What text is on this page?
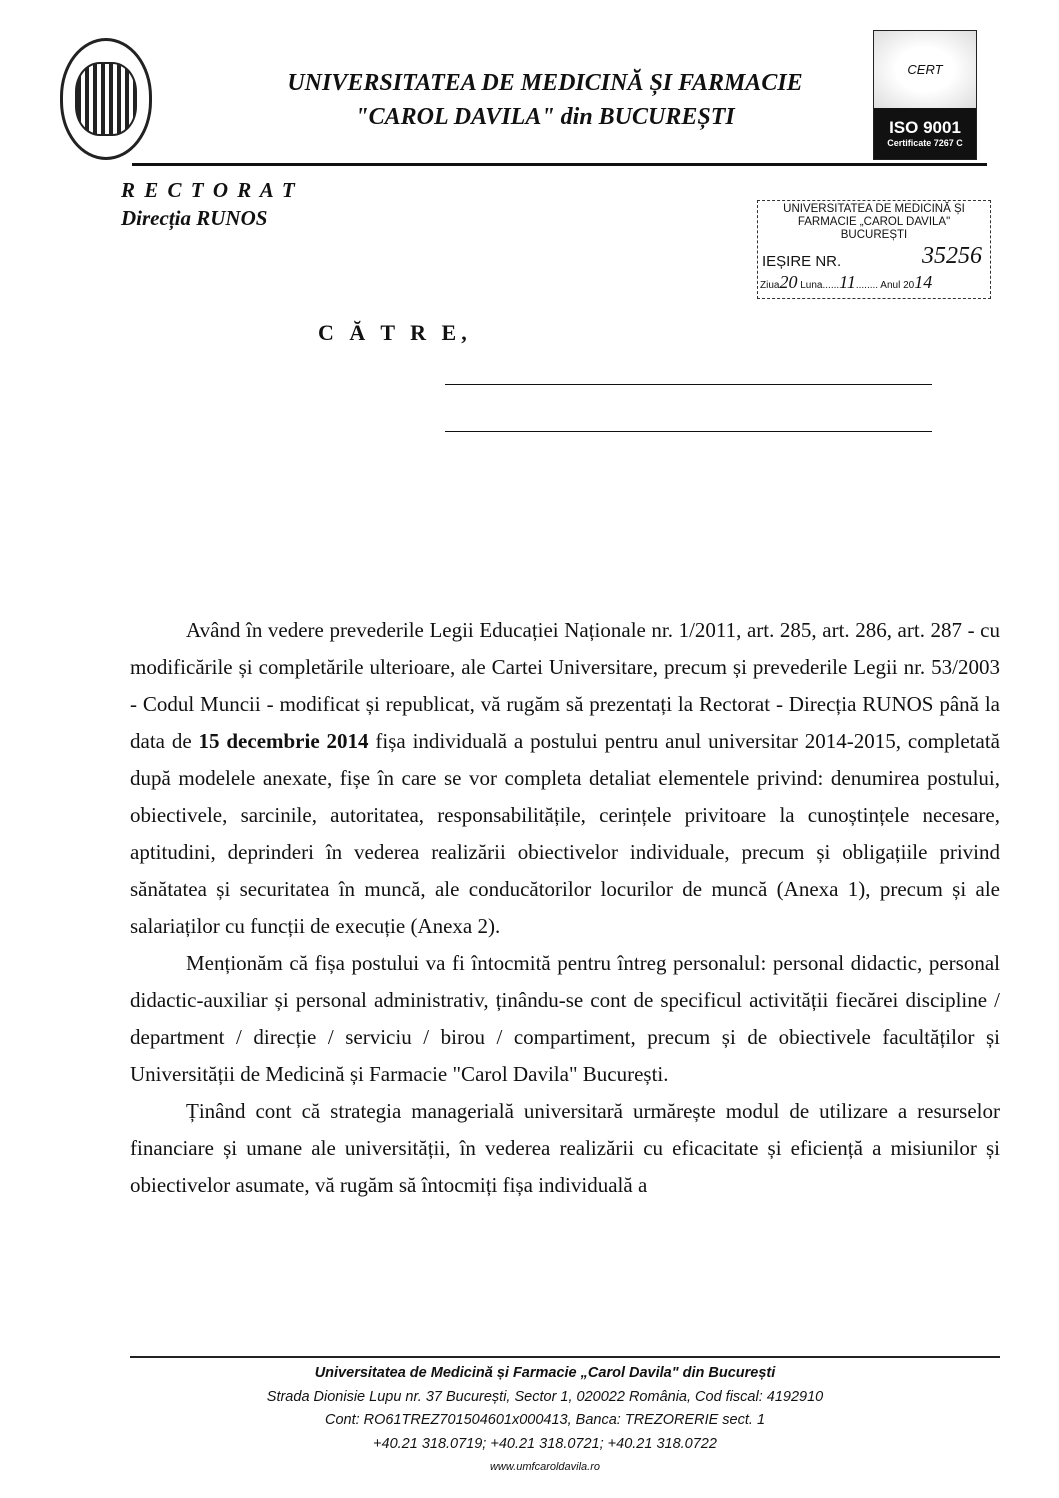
UNIVERSITATEA DE MEDICINĂ ȘI FARMACIE
"CAROL DAVILA" din BUCUREȘTI
CERT
ISO 9001
Certificate 7267 C
R E C T O R A T
Direcția RUNOS	UNIVERSITATEA DE MEDICINĂ ȘI
FARMACIE „CAROL DAVILA"
BUCUREȘTI
IEȘIRE NR.	35256
Ziua20 Luna......11........ Anul 2014
C Ă T R E,

Având în vedere prevederile Legii Educației Naționale nr. 1/2011, art. 285, art. 286, art. 287 - cu modificările și completările ulterioare, ale Cartei Universitare, precum și prevederile Legii nr. 53/2003 - Codul Muncii - modificat și republicat, vă rugăm să prezentați la Rectorat - Direcția RUNOS până la data de 15 decembrie 2014 fișa individuală a postului pentru anul universitar 2014-2015, completată după modelele anexate, fișe în care se vor completa detaliat elementele privind: denumirea postului, obiectivele, sarcinile, autoritatea, responsabilitățile, cerințele privitoare la cunoștințele necesare, aptitudini, deprinderi în vederea realizării obiectivelor individuale, precum și obligațiile privind sănătatea și securitatea în muncă, ale conducătorilor locurilor de muncă (Anexa 1), precum și ale salariaților cu funcții de execuție (Anexa 2).

Menționăm că fișa postului va fi întocmită pentru întreg personalul: personal didactic, personal didactic-auxiliar și personal administrativ, ținându-se cont de specificul activității fiecărei discipline / department / direcție / serviciu / birou / compartiment, precum și de obiectivele facultăților și Universității de Medicină și Farmacie "Carol Davila" București.

Ținând cont că strategia managerială universitară urmărește modul de utilizare a resurselor financiare și umane ale universității, în vederea realizării cu eficacitate și eficiență a misiunilor și obiectivelor asumate, vă rugăm să întocmiți fișa individuală a

Universitatea de Medicină și Farmacie „Carol Davila" din București
Strada Dionisie Lupu nr. 37 București, Sector 1, 020022 România, Cod fiscal: 4192910
Cont: RO61TREZ701504601x000413, Banca: TREZORERIE sect. 1
+40.21 318.0719; +40.21 318.0721; +40.21 318.0722
www.umfcaroldavila.ro
